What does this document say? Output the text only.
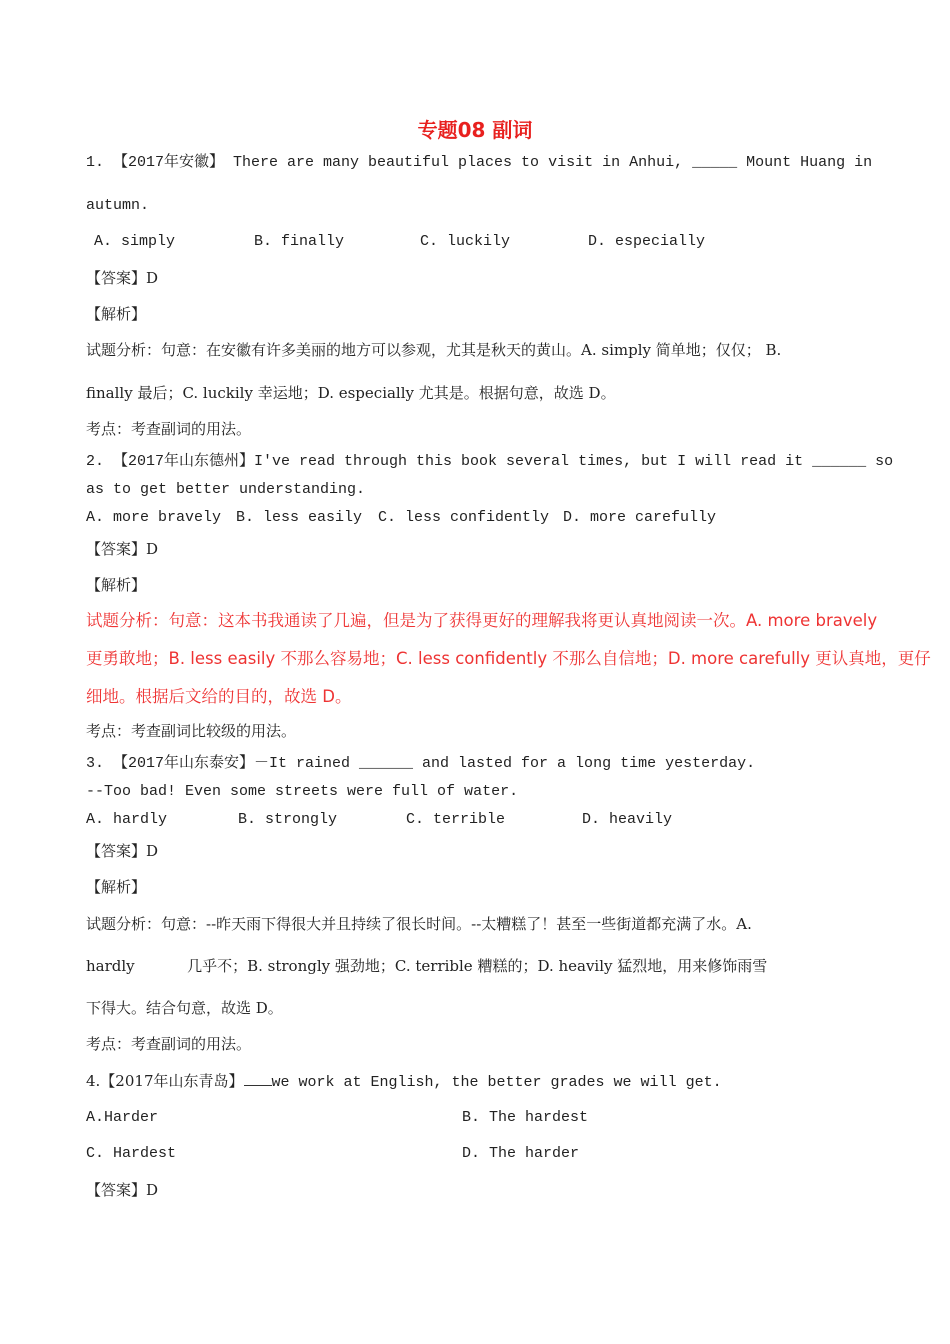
专题08 副词
1. 【2017年安徽】 There are many beautiful places to visit in Anhui, _____ Mount Huang in
autumn.
A. simply	B. finally	C. luckily	D. especially
【答案】D
【解析】
试题分析：句意：在安徽有许多美丽的地方可以参观，尤其是秋天的黄山。A. simply 简单地；仅仅； B.
finally 最后；C. luckily 幸运地；D. especially 尤其是。根据句意，故选 D。
考点：考查副词的用法。
2. 【2017年山东德州】I've read through this book several times, but I will read it ______ so
as to get better understanding.
A. more bravely B. less easily C. less confidently D. more carefully
【答案】D
【解析】
试题分析：句意：这本书我通读了几遍，但是为了获得更好的理解我将更认真地阅读一次。A. more bravely
更勇敢地；B. less easily 不那么容易地；C. less confidently 不那么自信地；D. more carefully 更认真地，更仔
细地。根据后文给的目的，故选 D。
考点：考查副词比较级的用法。
3. 【2017年山东泰安】－It rained ______ and lasted for a long time yesterday.
--Too bad! Even some streets were full of water.
A. hardly	B. strongly	C. terrible	D. heavily
【答案】D
【解析】
试题分析：句意：--昨天雨下得很大并且持续了很长时间。--太糟糕了！甚至一些街道都充满了水。A.
hardly           几乎不；B. strongly 强劲地；C. terrible 糟糕的；D. heavily 猛烈地，用来修饰雨雪
下得大。结合句意，故选 D。
考点：考查副词的用法。
4.【2017年山东青岛】 we work at English, the better grades we will get.
A.Harder	B. The hardest
C. Hardest	D. The harder
【答案】D
